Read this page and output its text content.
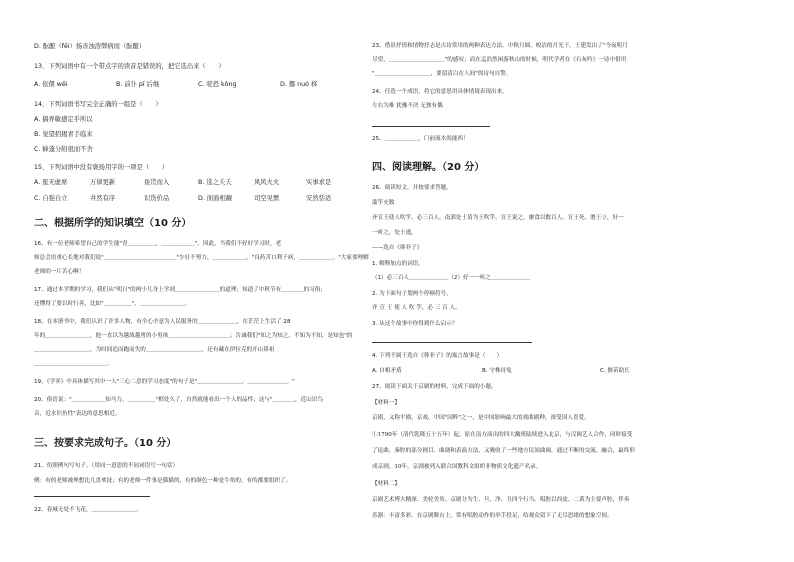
D. 酝酿（fěi）扬善浊溶弊病而（酝酿）
13、下列词语中有一个带点字的读音是错误的，把它选出来（　　）
A. 依偎 wēi	B. 前仆 pī 后继	C. 嗟恐 kǒng	D. 挪 nuó 移
14、下列词语书写完全正确的一组是（　　）
A. 搞弄敏感定乎所以
B. 觉望招揭青手临来
C. 蜂蓬分附很而不舍
15、下列词语中没有褒扬用字的一项是（　　）
A. 座无虚席	万律更新	鱼贯而入	B. 选之夭夭	风风火火	实事求是
C. 自强自立	井然有序	识货价品	D. 面面相觑	司空见惯	安然恬适
二、根据所学的知识填空（10 分）
16、有一位老师希望自己的学生能"青＿＿＿＿＿，＿＿＿＿＿＿"。因此，当我们不好好学习时，老
师总会语重心长地对我们说"＿＿＿＿＿＿＿＿＿＿＿＿＿"少壮不努力，＿＿＿＿＿＿。"良药苦口利于病，＿＿＿＿＿＿。"大家要理解
老师的一片苦心啊！
17、通过本学期的学习，我们从"明日"的两小儿身上学到＿＿＿＿＿＿＿＿的道理；知道了中秋节有＿＿＿＿的习俗；
还懂得了要以时行善，比如"＿＿＿＿＿"，＿＿＿＿＿＿＿＿。
18、在本册书中，我们认识了许多人物，有全心全意为人民服务的＿＿＿＿＿＿＿，在茫茫上生活了 28
年的＿＿＿＿＿＿＿＿，他一直以为越战越勇的小男孩＿＿＿＿＿＿＿＿＿＿＿；告诫我们"知之为知之，不知为不知，是知也"的
＿＿＿＿＿＿＿＿＿＿，为时间追而跑而失的＿＿＿＿＿＿＿＿＿＿，还有藏在伊拉克的开山鼻祖
＿＿＿＿＿＿＿＿＿＿＿＿＿。
19、《学弈》中具体描写其中一人"三心二意的学习态度"的句子是"＿＿＿＿＿＿＿＿，＿＿＿＿＿＿＿。"
20、俗语说："＿＿＿＿＿＿知马力，＿＿＿＿＿"相处久了，自然就能看出一个人的品性；这与"＿＿＿＿，近山识鸟
音，近水识鱼性"表达的意思相近。
三、按要求完成句子。（10 分）
21、仿照例句写句子。（用同一意思的不同词语写一句话）
例：有的老师被理想比几喜欢抚；有的老师一件事是猫猫的，有的颜色一种是牛角的，有的都要组织了。
22、春城无处不飞花，＿＿＿＿＿＿＿＿。
23、借景抒情和情物抒志是古诗常用的两种表达方法。中秋月圆，皎洁的月光下，王建发出了"今夜明月
尽望，＿＿＿＿＿＿＿＿＿＿"的感叹；而在孟浩然闲游秋山的时候，明代学者在《石灰吟》一诗中借用
"＿＿＿＿＿＿＿＿＿＿，要留清白在人间"的诗句自警。
24、任选一个成语，将它的意思用具体情境表现出来。
左右为难 犹豫不决 无独有偶
25、＿＿＿＿＿＿，门前流水尚能西！
四、阅读理解。（20 分）
26、阅读短文，并按要求答题。
滥竽充数
齐宣王使人吹竽，必三百人。南郭处士请为王吹竽，宣王说之，廪食以数百人。宣王死，湣王立，好一
一听之，处士逃。
——选自《韩非子》
1. 解释加点的词语。
（1）必三百人＿＿＿＿＿＿＿（2）好一一听之＿＿＿＿＿＿＿
2. 为下面句子划两个停顿符号。
齐 宣 王 使 人 吹 竽，必 三 百 人。
3. 从这个故事中你得到什么启示？
4. 下列不属于选自《韩非子》的寓言故事是（　　）
A. 自相矛盾	B. 守株待兔	C. 揠苗助长
27、阅读下面关于京剧的材料，完成下面的小题。
【材料一】
京剧，又称平剧、京戏，中国"国粹"之一，是中国影响最大的戏曲剧种，深受国人喜爱。
①1790年（清代乾隆五十五年）起，原在南方演出的四大徽班陆续进入北京，与汉调艺人合作，同时接受
了昆曲、秦腔的部分剧目、曲调和表演方法，又吸收了一些地方民间曲调，通过不断的交流、融合，最终形
成京剧。10年，京剧被列入联合国教科文组织非物质文化遗产名录。
【材料二】
京剧艺术博大精深、美轮美奂。京剧分为生、旦、净、丑四个行当。唱腔以西皮、二黄为主要声腔，伴奏
乐器：丰富多彩。在京剧舞台上，常有唱腔动作的举手投足，给观众留下了无尽思绪的想象空间。
